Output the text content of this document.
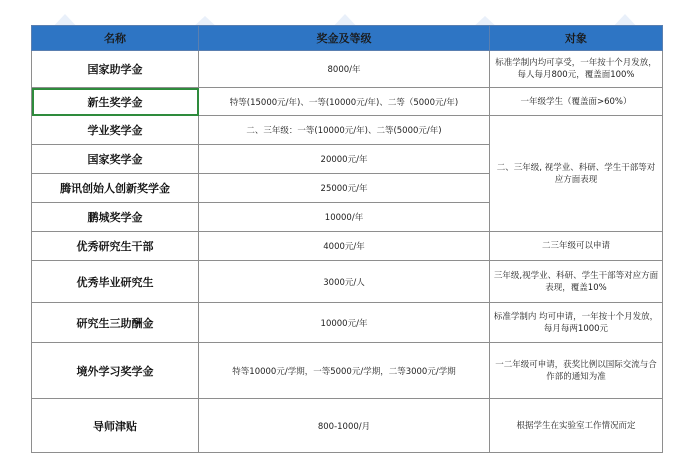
名称	奖金及等级	对象
国家助学金	8000/年	标准学制内均可享受，一年按十个月发放，每人每月800元，覆盖面100%
新生奖学金	特等(15000元/年)、一等(10000元/年)、二等（5000元/年)	一年级学生（覆盖面>60%）
学业奖学金	二、三年级：一等(10000元/年)、二等(5000元/年)	二、三年级, 视学业、科研、学生干部等对应方面表现
国家奖学金	20000元/年	
腾讯创始人创新奖学金	25000元/年	
鹏城奖学金	10000/年	
优秀研究生干部	4000元/年	二三年级可以申请
优秀毕业研究生	3000元/人	三年级,视学业、科研、学生干部等对应方面表现，覆盖10%
研究生三助酬金	10000元/年	标准学制内 均可申请，一年按十个月发放，每月每两1000元
境外学习奖学金	特等10000元/学期，一等5000元/学期，二等3000元/学期	一二年级可申请，获奖比例以国际交流与合作部的通知为准
导师津贴	800-1000/月	根据学生在实验室工作情况而定
